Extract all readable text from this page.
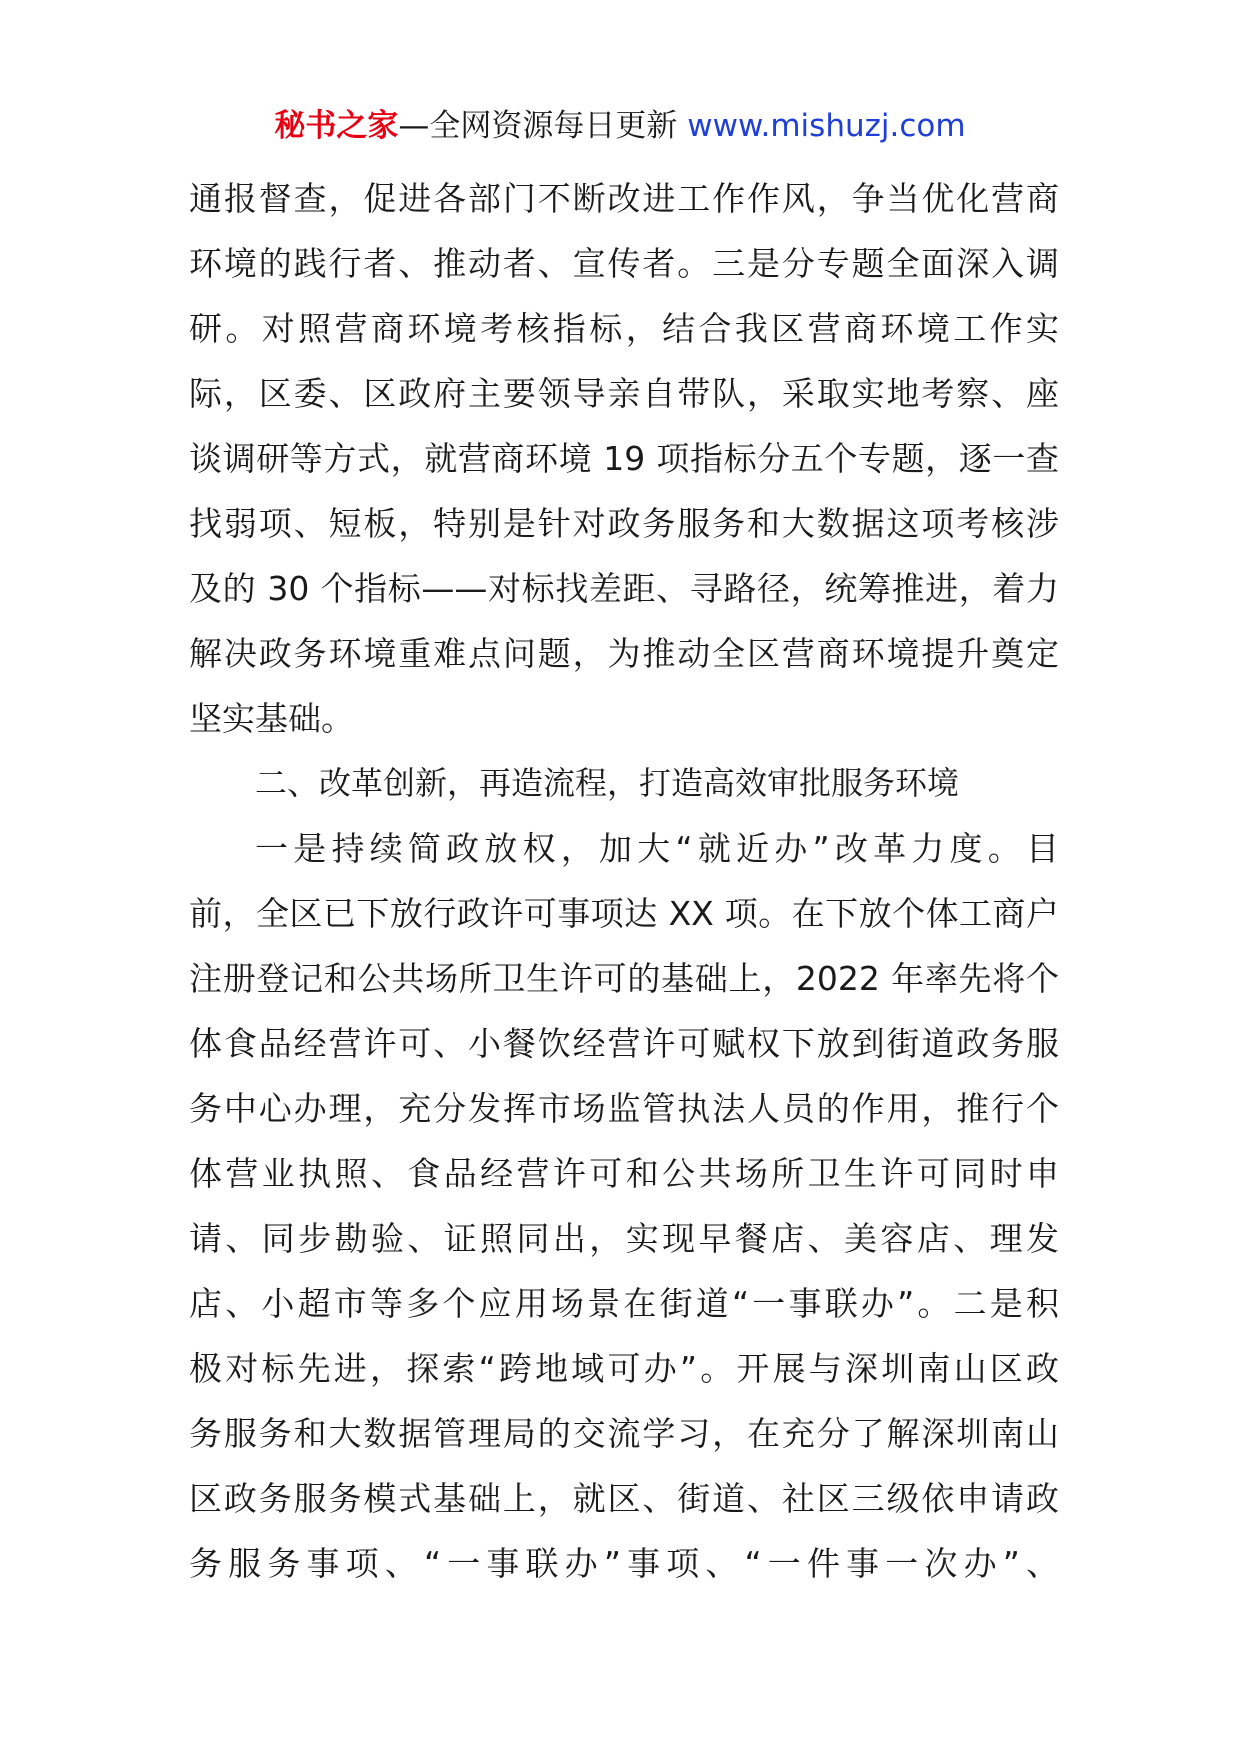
秘书之家—全网资源每日更新 www.mishuzj.com
通报督查，促进各部门不断改进工作作风，争当优化营商
环境的践行者、推动者、宣传者。三是分专题全面深入调
研。对照营商环境考核指标，结合我区营商环境工作实
际，区委、区政府主要领导亲自带队，采取实地考察、座
谈调研等方式，就营商环境 19 项指标分五个专题，逐一查
找弱项、短板，特别是针对政务服务和大数据这项考核涉
及的 30 个指标——对标找差距、寻路径，统筹推进，着力
解决政务环境重难点问题，为推动全区营商环境提升奠定
坚实基础。
二、改革创新，再造流程，打造高效审批服务环境
一是持续简政放权，加大“就近办”改革力度。目
前，全区已下放行政许可事项达 XX 项。在下放个体工商户
注册登记和公共场所卫生许可的基础上，2022 年率先将个
体食品经营许可、小餐饮经营许可赋权下放到街道政务服
务中心办理，充分发挥市场监管执法人员的作用，推行个
体营业执照、食品经营许可和公共场所卫生许可同时申
请、同步勘验、证照同出，实现早餐店、美容店、理发
店、小超市等多个应用场景在街道“一事联办”。二是积
极对标先进，探索“跨地域可办”。开展与深圳南山区政
务服务和大数据管理局的交流学习，在充分了解深圳南山
区政务服务模式基础上，就区、街道、社区三级依申请政
务服务事项、“一事联办”事项、“一件事一次办”、
